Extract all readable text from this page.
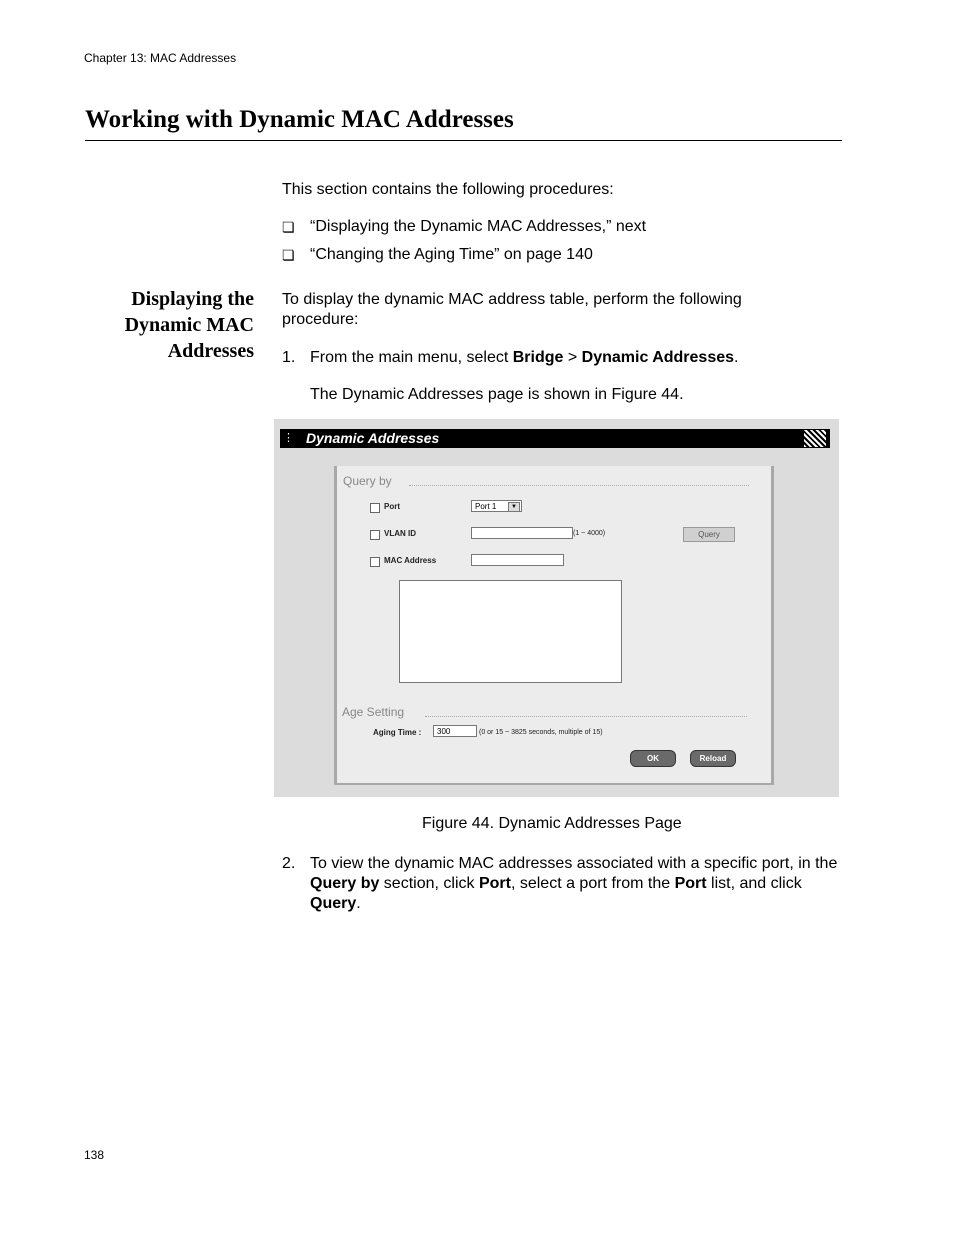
Chapter 13: MAC Addresses
Working with Dynamic MAC Addresses
This section contains the following procedures:
❏ “Displaying the Dynamic MAC Addresses,” next
❏ “Changing the Aging Time” on page 140
Displaying the
Dynamic MAC
Addresses
To display the dynamic MAC address table, perform the following procedure:
1. From the main menu, select Bridge > Dynamic Addresses.
The Dynamic Addresses page is shown in Figure 44.
⋮ Dynamic Addresses
Query by
Port	Port 1	▼
VLAN ID	(1 ~ 4000)	Query
MAC Address
Age Setting
Aging Time :	300	(0 or 15 ~ 3825 seconds, multiple of 15)
OK	Reload
Figure 44. Dynamic Addresses Page
2. To view the dynamic MAC addresses associated with a specific port, in the Query by section, click Port, select a port from the Port list, and click Query.
138
